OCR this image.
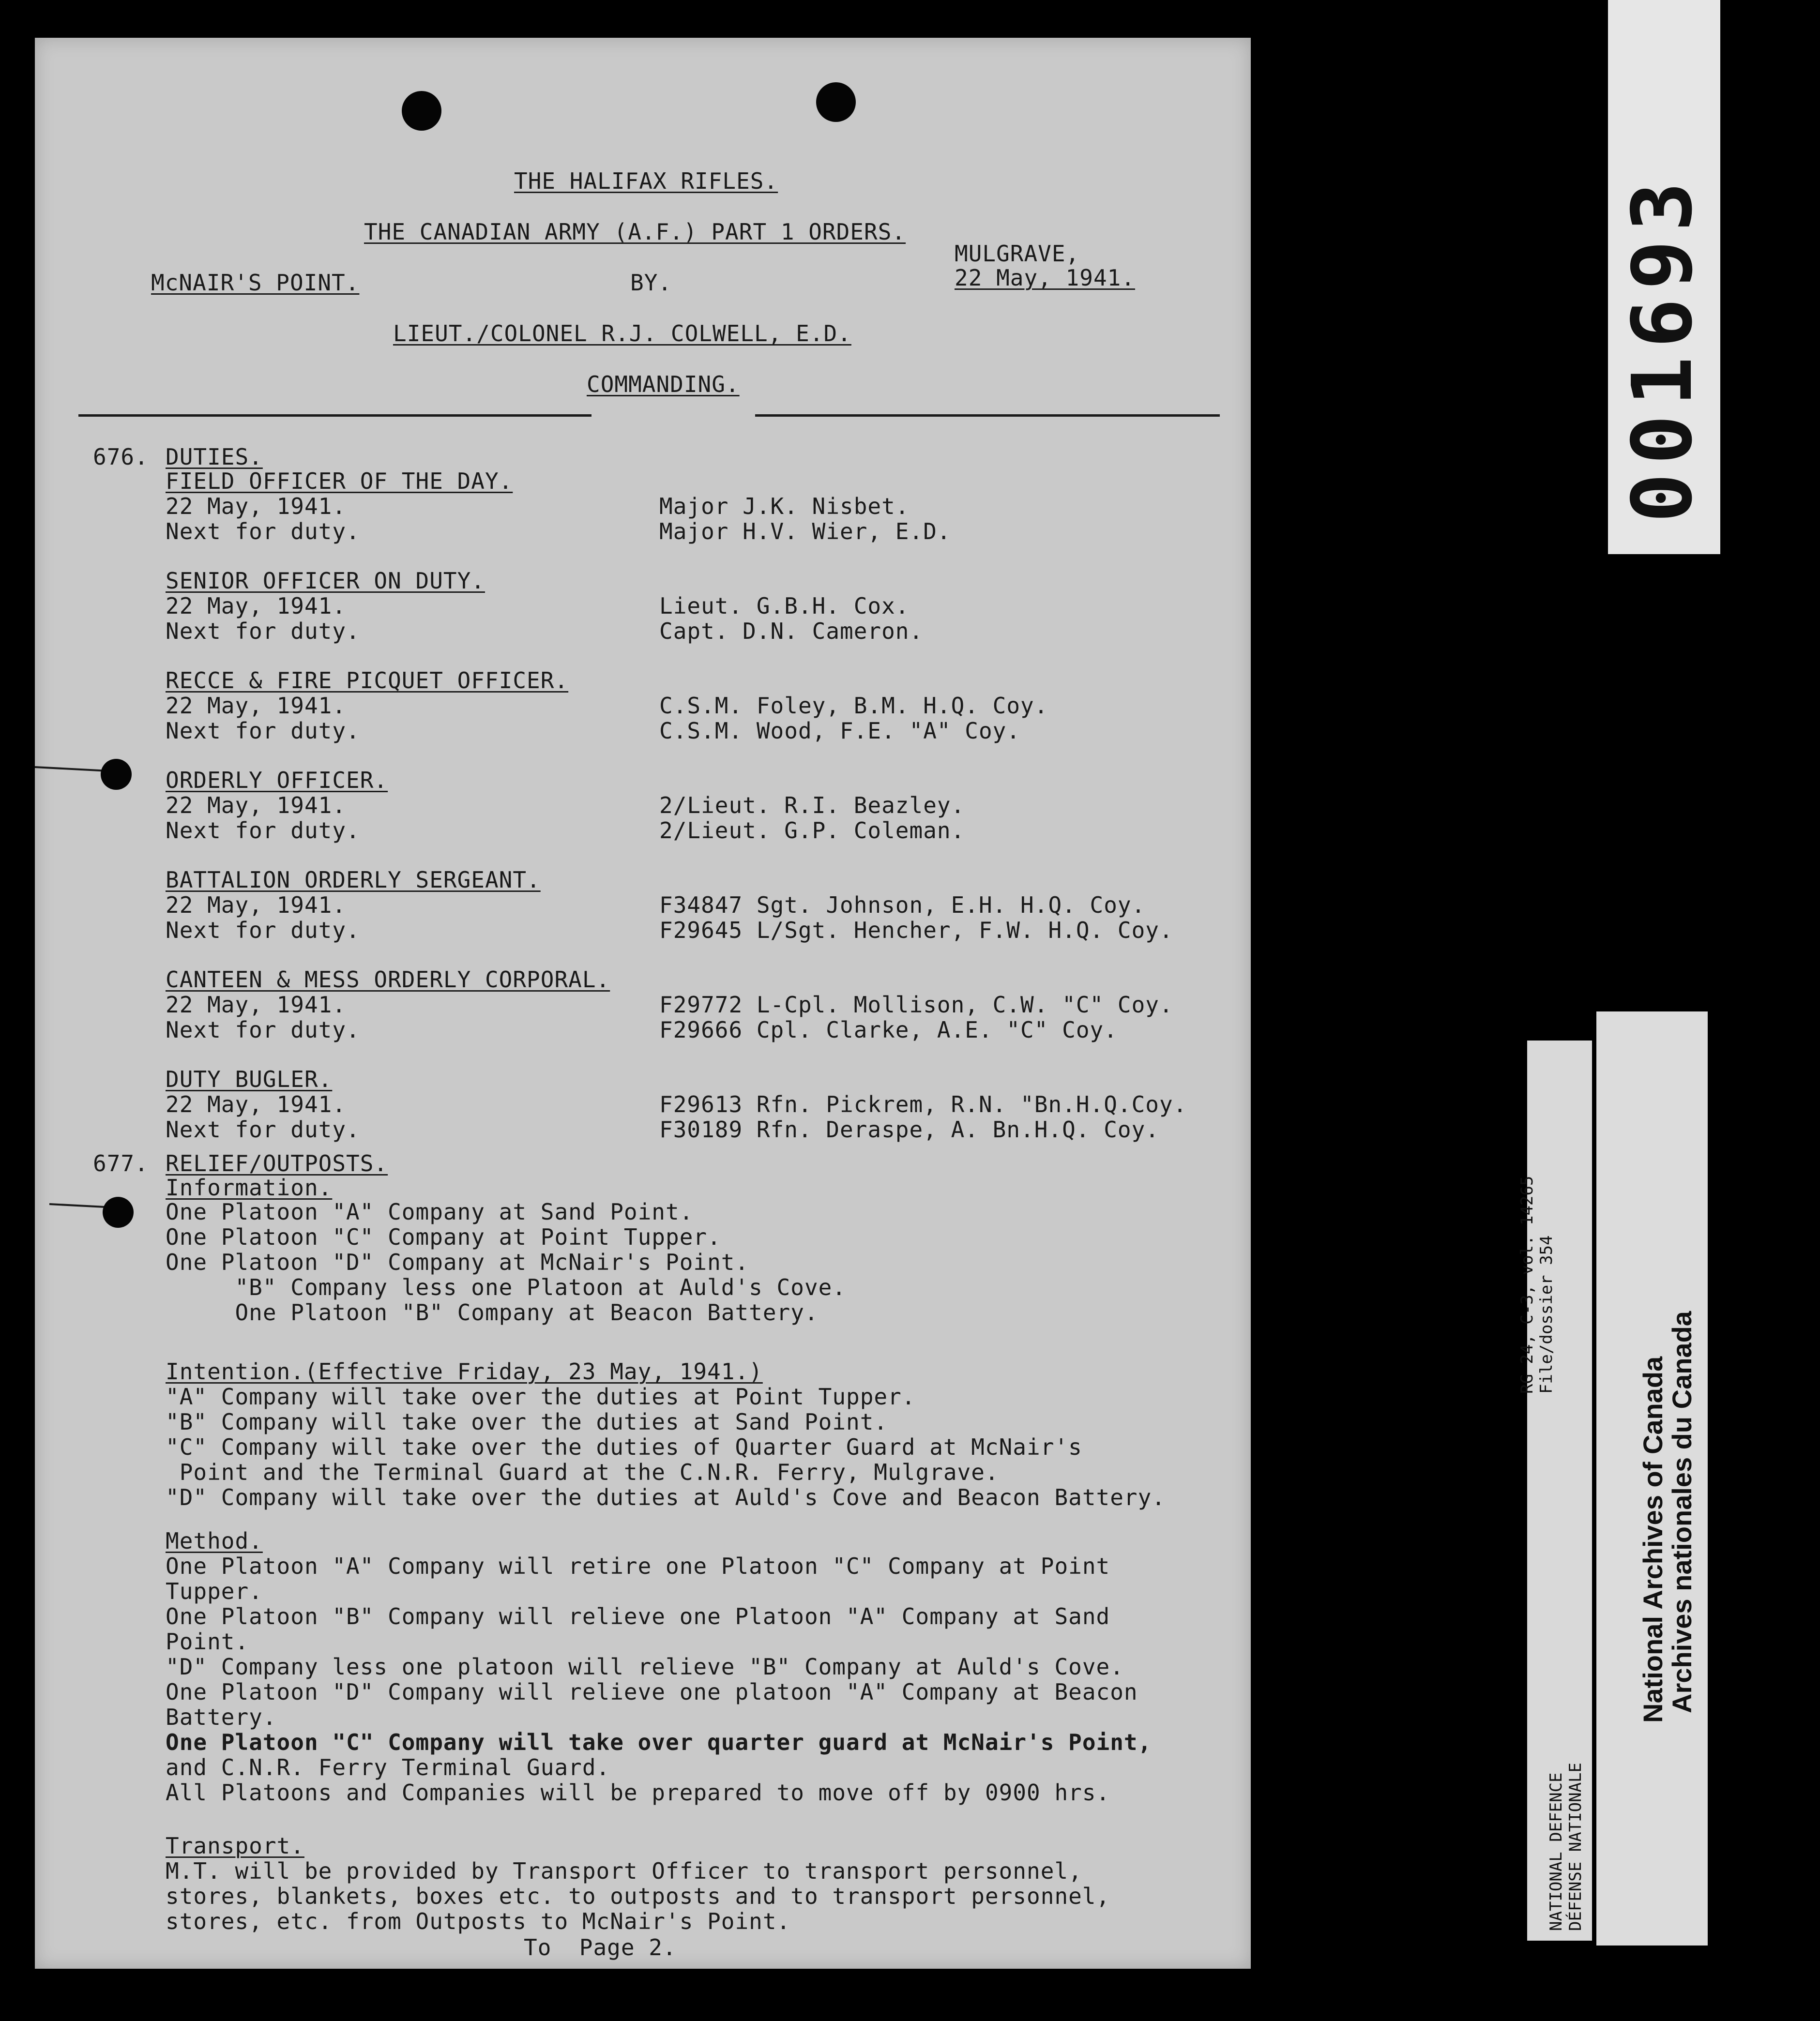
THE HALIFAX RIFLES.
THE CANADIAN ARMY (A.F.) PART 1 ORDERS.
MULGRAVE,
McNAIR'S POINT.	BY.	22 May, 1941.
LIEUT./COLONEL R.J. COLWELL, E.D.
COMMANDING.
676. DUTIES.
FIELD OFFICER OF THE DAY.
22 May, 1941.	Major J.K. Nisbet.
Next for duty.	Major H.V. Wier, E.D.
SENIOR OFFICER ON DUTY.
22 May, 1941.	Lieut. G.B.H. Cox.
Next for duty.	Capt. D.N. Cameron.
RECCE & FIRE PICQUET OFFICER.
22 May, 1941.	C.S.M. Foley, B.M. H.Q. Coy.
Next for duty.	C.S.M. Wood, F.E. "A" Coy.
ORDERLY OFFICER.
22 May, 1941.	2/Lieut. R.I. Beazley.
Next for duty.	2/Lieut. G.P. Coleman.
BATTALION ORDERLY SERGEANT.
22 May, 1941.	F34847 Sgt. Johnson, E.H. H.Q. Coy.
Next for duty.	F29645 L/Sgt. Hencher, F.W. H.Q. Coy.
CANTEEN & MESS ORDERLY CORPORAL.
22 May, 1941.	F29772 L-Cpl. Mollison, C.W. "C" Coy.
Next for duty.	F29666 Cpl. Clarke, A.E. "C" Coy.
DUTY BUGLER.
22 May, 1941.	F29613 Rfn. Pickrem, R.N. "Bn.H.Q.Coy.
Next for duty.	F30189 Rfn. Deraspe, A. Bn.H.Q. Coy.
677. RELIEF/OUTPOSTS.
Information.
One Platoon "A" Company at Sand Point.
One Platoon "C" Company at Point Tupper.
One Platoon "D" Company at McNair's Point.
"B" Company less one Platoon at Auld's Cove.
One Platoon "B" Company at Beacon Battery.
Intention.(Effective Friday, 23 May, 1941.)
"A" Company will take over the duties at Point Tupper.
"B" Company will take over the duties at Sand Point.
"C" Company will take over the duties of Quarter Guard at McNair's
Point and the Terminal Guard at the C.N.R. Ferry, Mulgrave.
"D" Company will take over the duties at Auld's Cove and Beacon Battery.
Method.
One Platoon "A" Company will retire one Platoon "C" Company at Point
Tupper.
One Platoon "B" Company will relieve one Platoon "A" Company at Sand
Point.
"D" Company less one platoon will relieve "B" Company at Auld's Cove.
One Platoon "D" Company will relieve one platoon "A" Company at Beacon
Battery.
One Platoon "C" Company will take over quarter guard at McNair's Point,
and C.N.R. Ferry Terminal Guard.
All Platoons and Companies will be prepared to move off by 0900 hrs.
Transport.
M.T. will be provided by Transport Officer to transport personnel,
stores, blankets, boxes etc. to outposts and to transport personnel,
stores, etc. from Outposts to McNair's Point.
To  Page 2.
001693
RG 24, C-3, vol. 14265 File/dossier 354
NATIONAL DEFENCE DÉFENSE NATIONALE
National Archives of Canada
Archives nationales du Canada
